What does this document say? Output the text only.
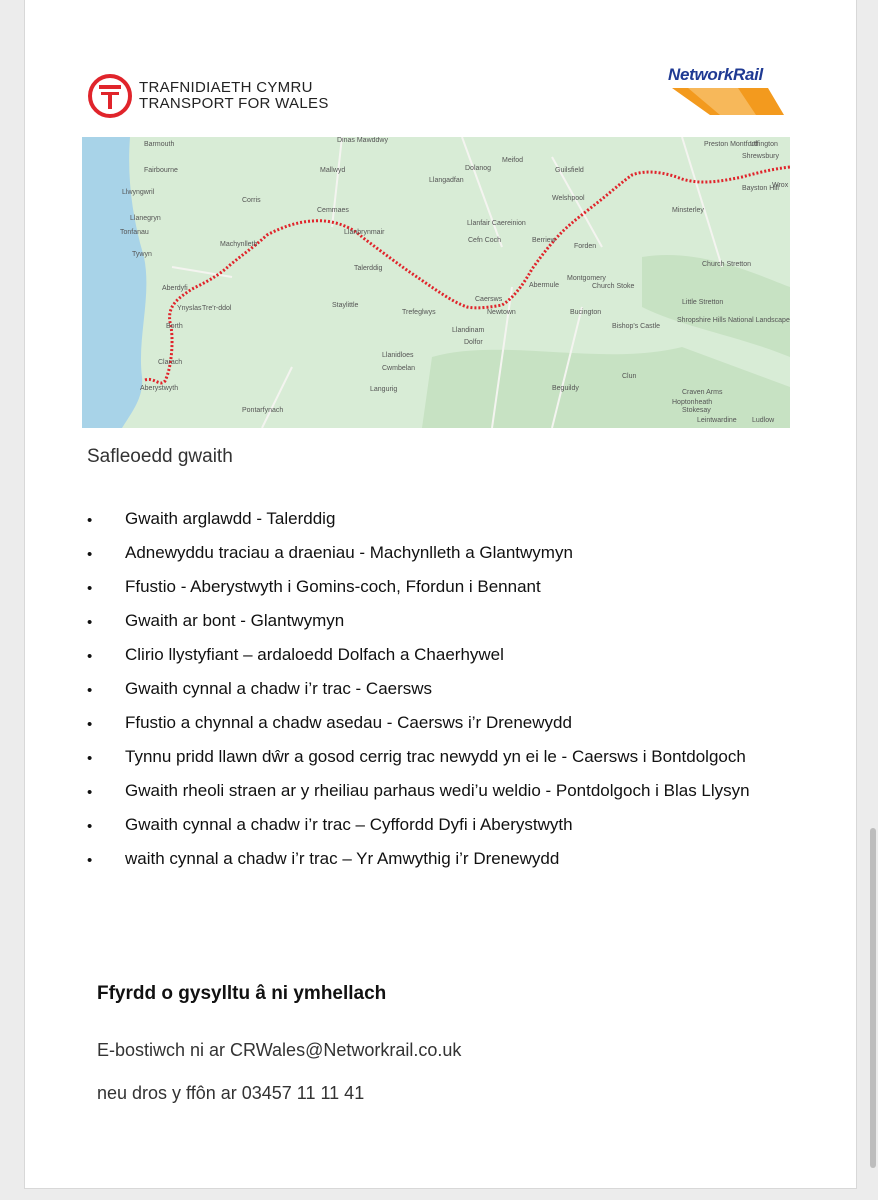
TRAFNIDIAETH CYMRU
TRANSPORT FOR WALES
NetworkRail
Barmouth
Dinas Mawddwy
Dolanog
Meifod
Guilsfield
Preston Montford
Uffington
Shrewsbury
Fairbourne	Mallwyd
Llangadfan
Welshpool
Bayston Hill
Llwyngwril
Corris
Cemmaes
Llanfair Caereinion
Minsterley
Llanegryn
Tonfanau	Llanbrynmair
Cefn Coch	Berriew
Machynlleth
Tywyn
Talerddig
Montgomery
Church Stretton
Aberdyfi	Abermule	Church Stoke
Ynyslas Tre'r-ddol	Staylittle
Trefeglwys	Newtown
Little Stretton
Borth
Llandinam
Dolfor
Bishop's Castle
Shropshire Hills National Landscape
Llanidloes
Craven Arms
Clarach
Cwmbelan
Clun
Aberystwyth	Langurig	Beguildy
Hoptonheath
Pontarfynach
Leintwardine Ludlow
Stokesay
Wrox
Caersws
Bucington
Forden
Safleoedd gwaith
• Gwaith arglawdd - Talerddig
• Adnewyddu traciau a draeniau - Machynlleth a Glantwymyn
• Ffustio - Aberystwyth i Gomins-coch, Ffordun i Bennant
• Gwaith ar bont - Glantwymyn
• Clirio llystyfiant – ardaloedd Dolfach a Chaerhywel
• Gwaith cynnal a chadw i’r trac - Caersws
• Ffustio a chynnal a chadw asedau - Caersws i’r Drenewydd
• Tynnu pridd llawn dŵr a gosod cerrig trac newydd yn ei le - Caersws i Bontdolgoch
• Gwaith rheoli straen ar y rheiliau parhaus wedi’u weldio - Pontdolgoch i Blas Llysyn
• Gwaith cynnal a chadw i’r trac – Cyffordd Dyfi i Aberystwyth
• waith cynnal a chadw i’r trac – Yr Amwythig i’r Drenewydd
Ffyrdd o gysylltu â ni ymhellach
E-bostiwch ni ar CRWales@Networkrail.co.uk
neu dros y ffôn ar 03457 11 11 41
